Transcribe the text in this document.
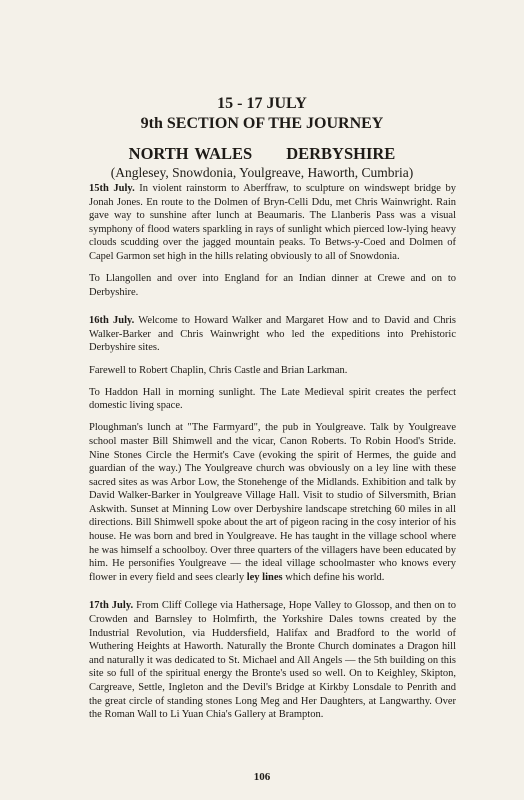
15 - 17 JULY

9th SECTION OF THE JOURNEY

NORTH WALES DERBYSHIRE

(Anglesey, Snowdonia, Youlgreave, Haworth, Cumbria)

15th July. In violent rainstorm to Aberffraw, to sculpture on windswept bridge by Jonah Jones. En route to the Dolmen of Bryn-Celli Ddu, met Chris Wainwright. Rain gave way to sunshine after lunch at Beaumaris. The Llanberis Pass was a visual symphony of flood waters sparkling in rays of sunlight which pierced low-lying heavy clouds scudding over the jagged mountain peaks. To Betws-y-Coed and Dolmen of Capel Garmon set high in the hills relating obviously to all of Snowdonia.

To Llangollen and over into England for an Indian dinner at Crewe and on to Derbyshire.

16th July. Welcome to Howard Walker and Margaret How and to David and Chris Walker-Barker and Chris Wainwright who led the expeditions into Prehistoric Derbyshire sites.

Farewell to Robert Chaplin, Chris Castle and Brian Larkman.

To Haddon Hall in morning sunlight. The Late Medieval spirit creates the perfect domestic living space.

Ploughman's lunch at "The Farmyard", the pub in Youlgreave. Talk by Youlgreave school master Bill Shimwell and the vicar, Canon Roberts. To Robin Hood's Stride. Nine Stones Circle the Hermit's Cave (evoking the spirit of Hermes, the guide and guardian of the way.) The Youlgreave church was obviously on a ley line with these sacred sites as was Arbor Low, the Stonehenge of the Midlands. Exhibition and talk by David Walker-Barker in Youlgreave Village Hall. Visit to studio of Silversmith, Brian Askwith. Sunset at Minning Low over Derbyshire landscape stretching 60 miles in all directions. Bill Shimwell spoke about the art of pigeon racing in the cosy interior of his house. He was born and bred in Youlgreave. He has taught in the village school where he was himself a schoolboy. Over three quarters of the villagers have been educated by him. He personifies Youlgreave — the ideal village schoolmaster who knows every flower in every field and sees clearly ley lines which define his world.

17th July. From Cliff College via Hathersage, Hope Valley to Glossop, and then on to Crowden and Barnsley to Holmfirth, the Yorkshire Dales towns created by the Industrial Revolution, via Huddersfield, Halifax and Bradford to the world of Wuthering Heights at Haworth. Naturally the Bronte Church dominates a Dragon hill and naturally it was dedicated to St. Michael and All Angels — the 5th building on this site so full of the spiritual energy the Bronte's used so well. On to Keighley, Skipton, Cargreave, Settle, Ingleton and the Devil's Bridge at Kirkby Lonsdale to Penrith and the great circle of standing stones Long Meg and Her Daughters, at Langwarthy. Over the Roman Wall to Li Yuan Chia's Gallery at Brampton.

106
